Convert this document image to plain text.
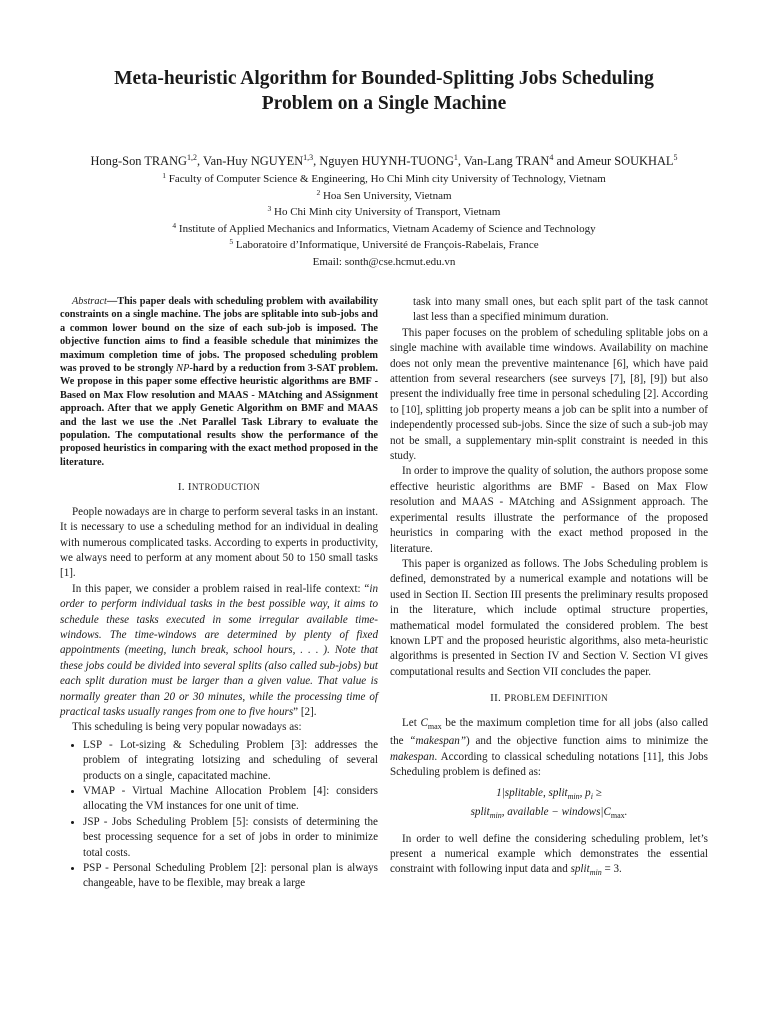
Meta-heuristic Algorithm for Bounded-Splitting Jobs Scheduling
Problem on a Single Machine
Hong-Son TRANG$^{1,2}$, Van-Huy NGUYEN$^{1,3}$, Nguyen HUYNH-TUONG$^1$, Van-Lang TRAN$^4$ and Ameur SOUKHAL$^5$
$^1$ Faculty of Computer Science & Engineering, Ho Chi Minh city University of Technology, Vietnam
$^2$ Hoa Sen University, Vietnam
$^3$ Ho Chi Minh city University of Transport, Vietnam
$^4$ Institute of Applied Mechanics and Informatics, Vietnam Academy of Science and Technology
$^5$ Laboratoire d’Informatique, Université de François-Rabelais, France
Email: sonth@cse.hcmut.edu.vn

Abstract—This paper deals with scheduling problem with availability constraints on a single machine. The jobs are splitable into sub-jobs and a common lower bound on the size of each sub-job is imposed. The objective function aims to find a feasible schedule that minimizes the maximum completion time of jobs. The proposed scheduling problem was proved to be strongly NP-hard by a reduction from 3-SAT problem. We propose in this paper some effective heuristic algorithms are BMF - Based on Max Flow resolution and MAAS - MAtching and ASsignment approach. After that we apply Genetic Algorithm on BMF and MAAS and the last we use the .Net Parallel Task Library to evaluate the population. The computational results show the performance of the proposed heuristics in comparing with the exact method proposed in the literature.

I. INTRODUCTION

People nowadays are in charge to perform several tasks in an instant. It is necessary to use a scheduling method for an individual in dealing with numerous complicated tasks. According to experts in productivity, we always need to perform at any moment about 50 to 150 small tasks [1].

In this paper, we consider a problem raised in real-life context: “in order to perform individual tasks in the best possible way, it aims to schedule these tasks executed in some irregular available time-windows. The time-windows are determined by plenty of fixed appointments (meeting, lunch break, school hours, . . . ). Note that these jobs could be divided into several splits (also called sub-jobs) but each split duration must be larger than a given value. That value is normally greater than 20 or 30 minutes, while the processing time of practical tasks usually ranges from one to five hours” [2].

This scheduling is being very popular nowadays as:

• LSP - Lot-sizing & Scheduling Problem [3]: addresses the problem of integrating lotsizing and scheduling of several products on a single, capacitated machine.
• VMAP - Virtual Machine Allocation Problem [4]: considers allocating the VM instances for one unit of time.
• JSP - Jobs Scheduling Problem [5]: consists of determining the best processing sequence for a set of jobs in order to minimize total costs.
• PSP - Personal Scheduling Problem [2]: personal plan is always changeable, have to be flexible, may break a large
task into many small ones, but each split part of the task cannot last less than a specified minimum duration.

This paper focuses on the problem of scheduling splitable jobs on a single machine with available time windows. Availability on machine does not only mean the preventive maintenance [6], which have paid attention from several researchers (see surveys [7], [8], [9]) but also present the individually free time in personal scheduling [2]. According to [10], splitting job property means a job can be split into a number of independently processed sub-jobs. Since the size of such a sub-job may not be small, a supplementary min-split constraint is needed in this study.

In order to improve the quality of solution, the authors propose some effective heuristic algorithms are BMF - Based on Max Flow resolution and MAAS - MAtching and ASsignment approach. The experimental results illustrate the performance of the proposed heuristics in comparing with the exact method proposed in the literature.

This paper is organized as follows. The Jobs Scheduling problem is defined, demonstrated by a numerical example and notations will be used in Section II. Section III presents the preliminary results proposed in the literature, which include optimal structure properties, mathematical model formulated the considered problem. The best known LPT and the proposed heuristic algorithms, also meta-heuristic algorithms is presented in Section IV and Section V. Section VI gives computational results and Section VII concludes the paper.

II. PROBLEM DEFINITION

Let $C_{max}$ be the maximum completion time for all jobs (also called the “makespan”) and the objective function aims to minimize the makespan. According to classical scheduling notations [11], this Jobs Scheduling problem is defined as:

1|splitable, split$_{min}$, $p_i$ ≥
split$_{min}$, available − $windows|C_{max}$.

In order to well define the considering scheduling problem, let’s present a numerical example which demonstrates the essential constraint with following input data and split$_{min}$ = 3.
